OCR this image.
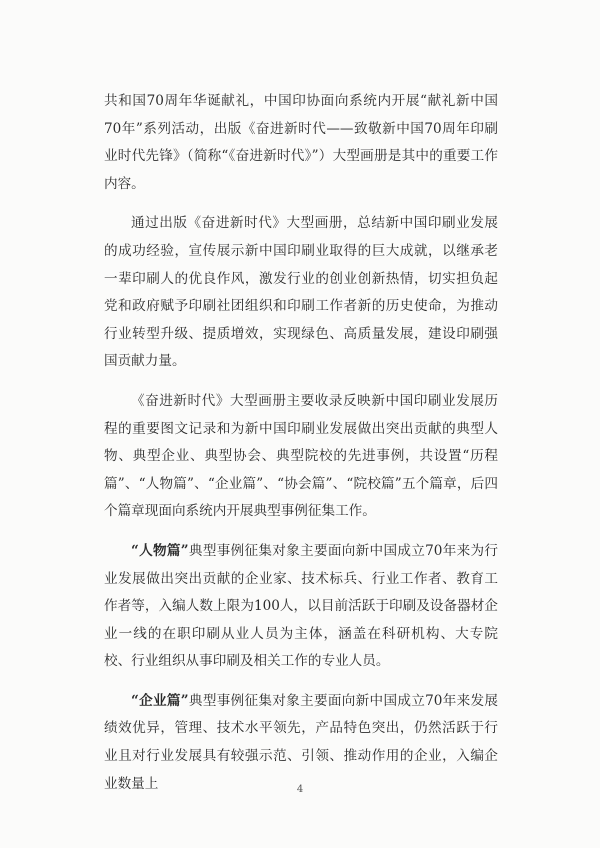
共和国70周年华诞献礼，中国印协面向系统内开展“献礼新中国70年”系列活动，出版《奋进新时代——致敬新中国70周年印刷业时代先锋》（简称“《奋进新时代》”）大型画册是其中的重要工作内容。

通过出版《奋进新时代》大型画册，总结新中国印刷业发展的成功经验，宣传展示新中国印刷业取得的巨大成就，以继承老一辈印刷人的优良作风，激发行业的创业创新热情，切实担负起党和政府赋予印刷社团组织和印刷工作者新的历史使命，为推动行业转型升级、提质增效，实现绿色、高质量发展，建设印刷强国贡献力量。

《奋进新时代》大型画册主要收录反映新中国印刷业发展历程的重要图文记录和为新中国印刷业发展做出突出贡献的典型人物、典型企业、典型协会、典型院校的先进事例，共设置“历程篇”、“人物篇”、“企业篇”、“协会篇”、“院校篇”五个篇章，后四个篇章现面向系统内开展典型事例征集工作。

“人物篇”典型事例征集对象主要面向新中国成立70年来为行业发展做出突出贡献的企业家、技术标兵、行业工作者、教育工作者等，入编人数上限为100人，以目前活跃于印刷及设备器材企业一线的在职印刷从业人员为主体，涵盖在科研机构、大专院校、行业组织从事印刷及相关工作的专业人员。

“企业篇”典型事例征集对象主要面向新中国成立70年来发展绩效优异，管理、技术水平领先，产品特色突出，仍然活跃于行业且对行业发展具有较强示范、引领、推动作用的企业，入编企业数量上	4
